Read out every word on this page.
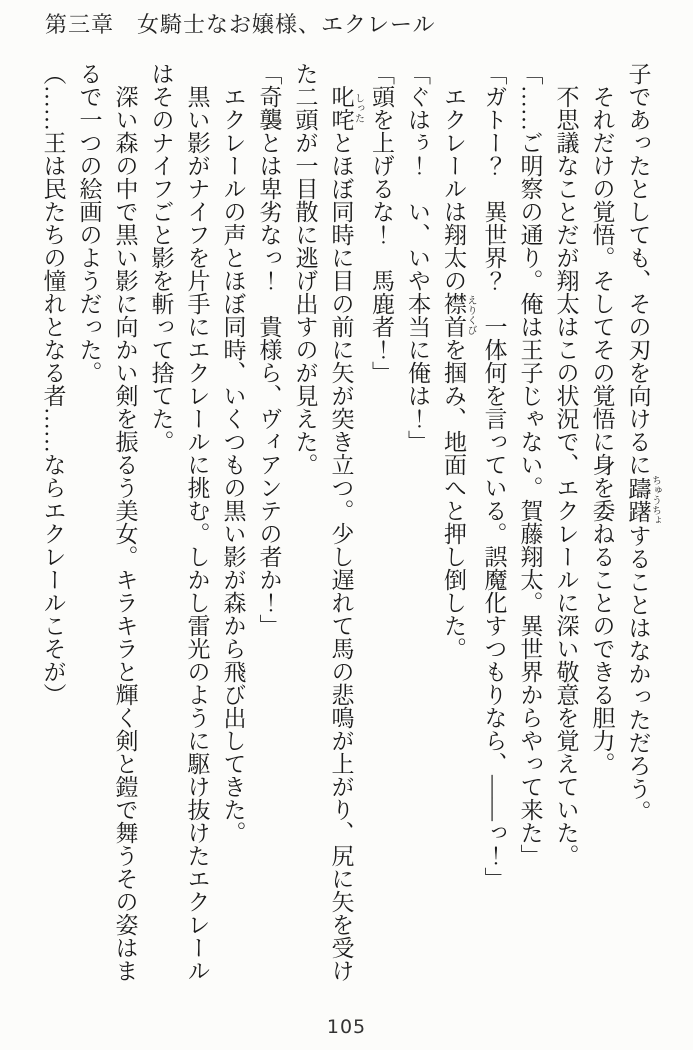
第三章　女騎士なお嬢様、エクレール

子であったとしても、その刃を向けるに躊躇 ちゅうちょすることはなかっただろう。

それだけの覚悟。そしてその覚悟に身を委ねることのできる胆力。

不思議なことだが翔太はこの状況で、エクレールに深い敬意を覚えていた。

「……ご明察の通り。俺は王子じゃない。賀藤翔太。異世界からやって来た」

「ガトー？　異世界？　一体何を言っている。誤魔化すつもりなら、――っ！」

エクレールは翔太の襟首 えりくびを掴み、地面へと押し倒した。

「ぐはぅ！　い、いや本当に俺は！」

「頭を上げるな！　馬鹿者！」

叱咤 しったとほぼ同時に目の前に矢が突き立つ。少し遅れて馬の悲鳴が上がり、尻に矢を受けた二頭が一目散に逃げ出すのが見えた。

「奇襲とは卑劣なっ！　貴様ら、ヴィアンテの者か！」

エクレールの声とほぼ同時、いくつもの黒い影が森から飛び出してきた。

黒い影がナイフを片手にエクレールに挑む。しかし雷光のように駆け抜けたエクレールはそのナイフごと影を斬って捨てた。

深い森の中で黒い影に向かい剣を振るう美女。キラキラと輝く剣と鎧で舞うその姿はまるで一つの絵画のようだった。

（……王は民たちの憧れとなる者……ならエクレールこそが）

105
